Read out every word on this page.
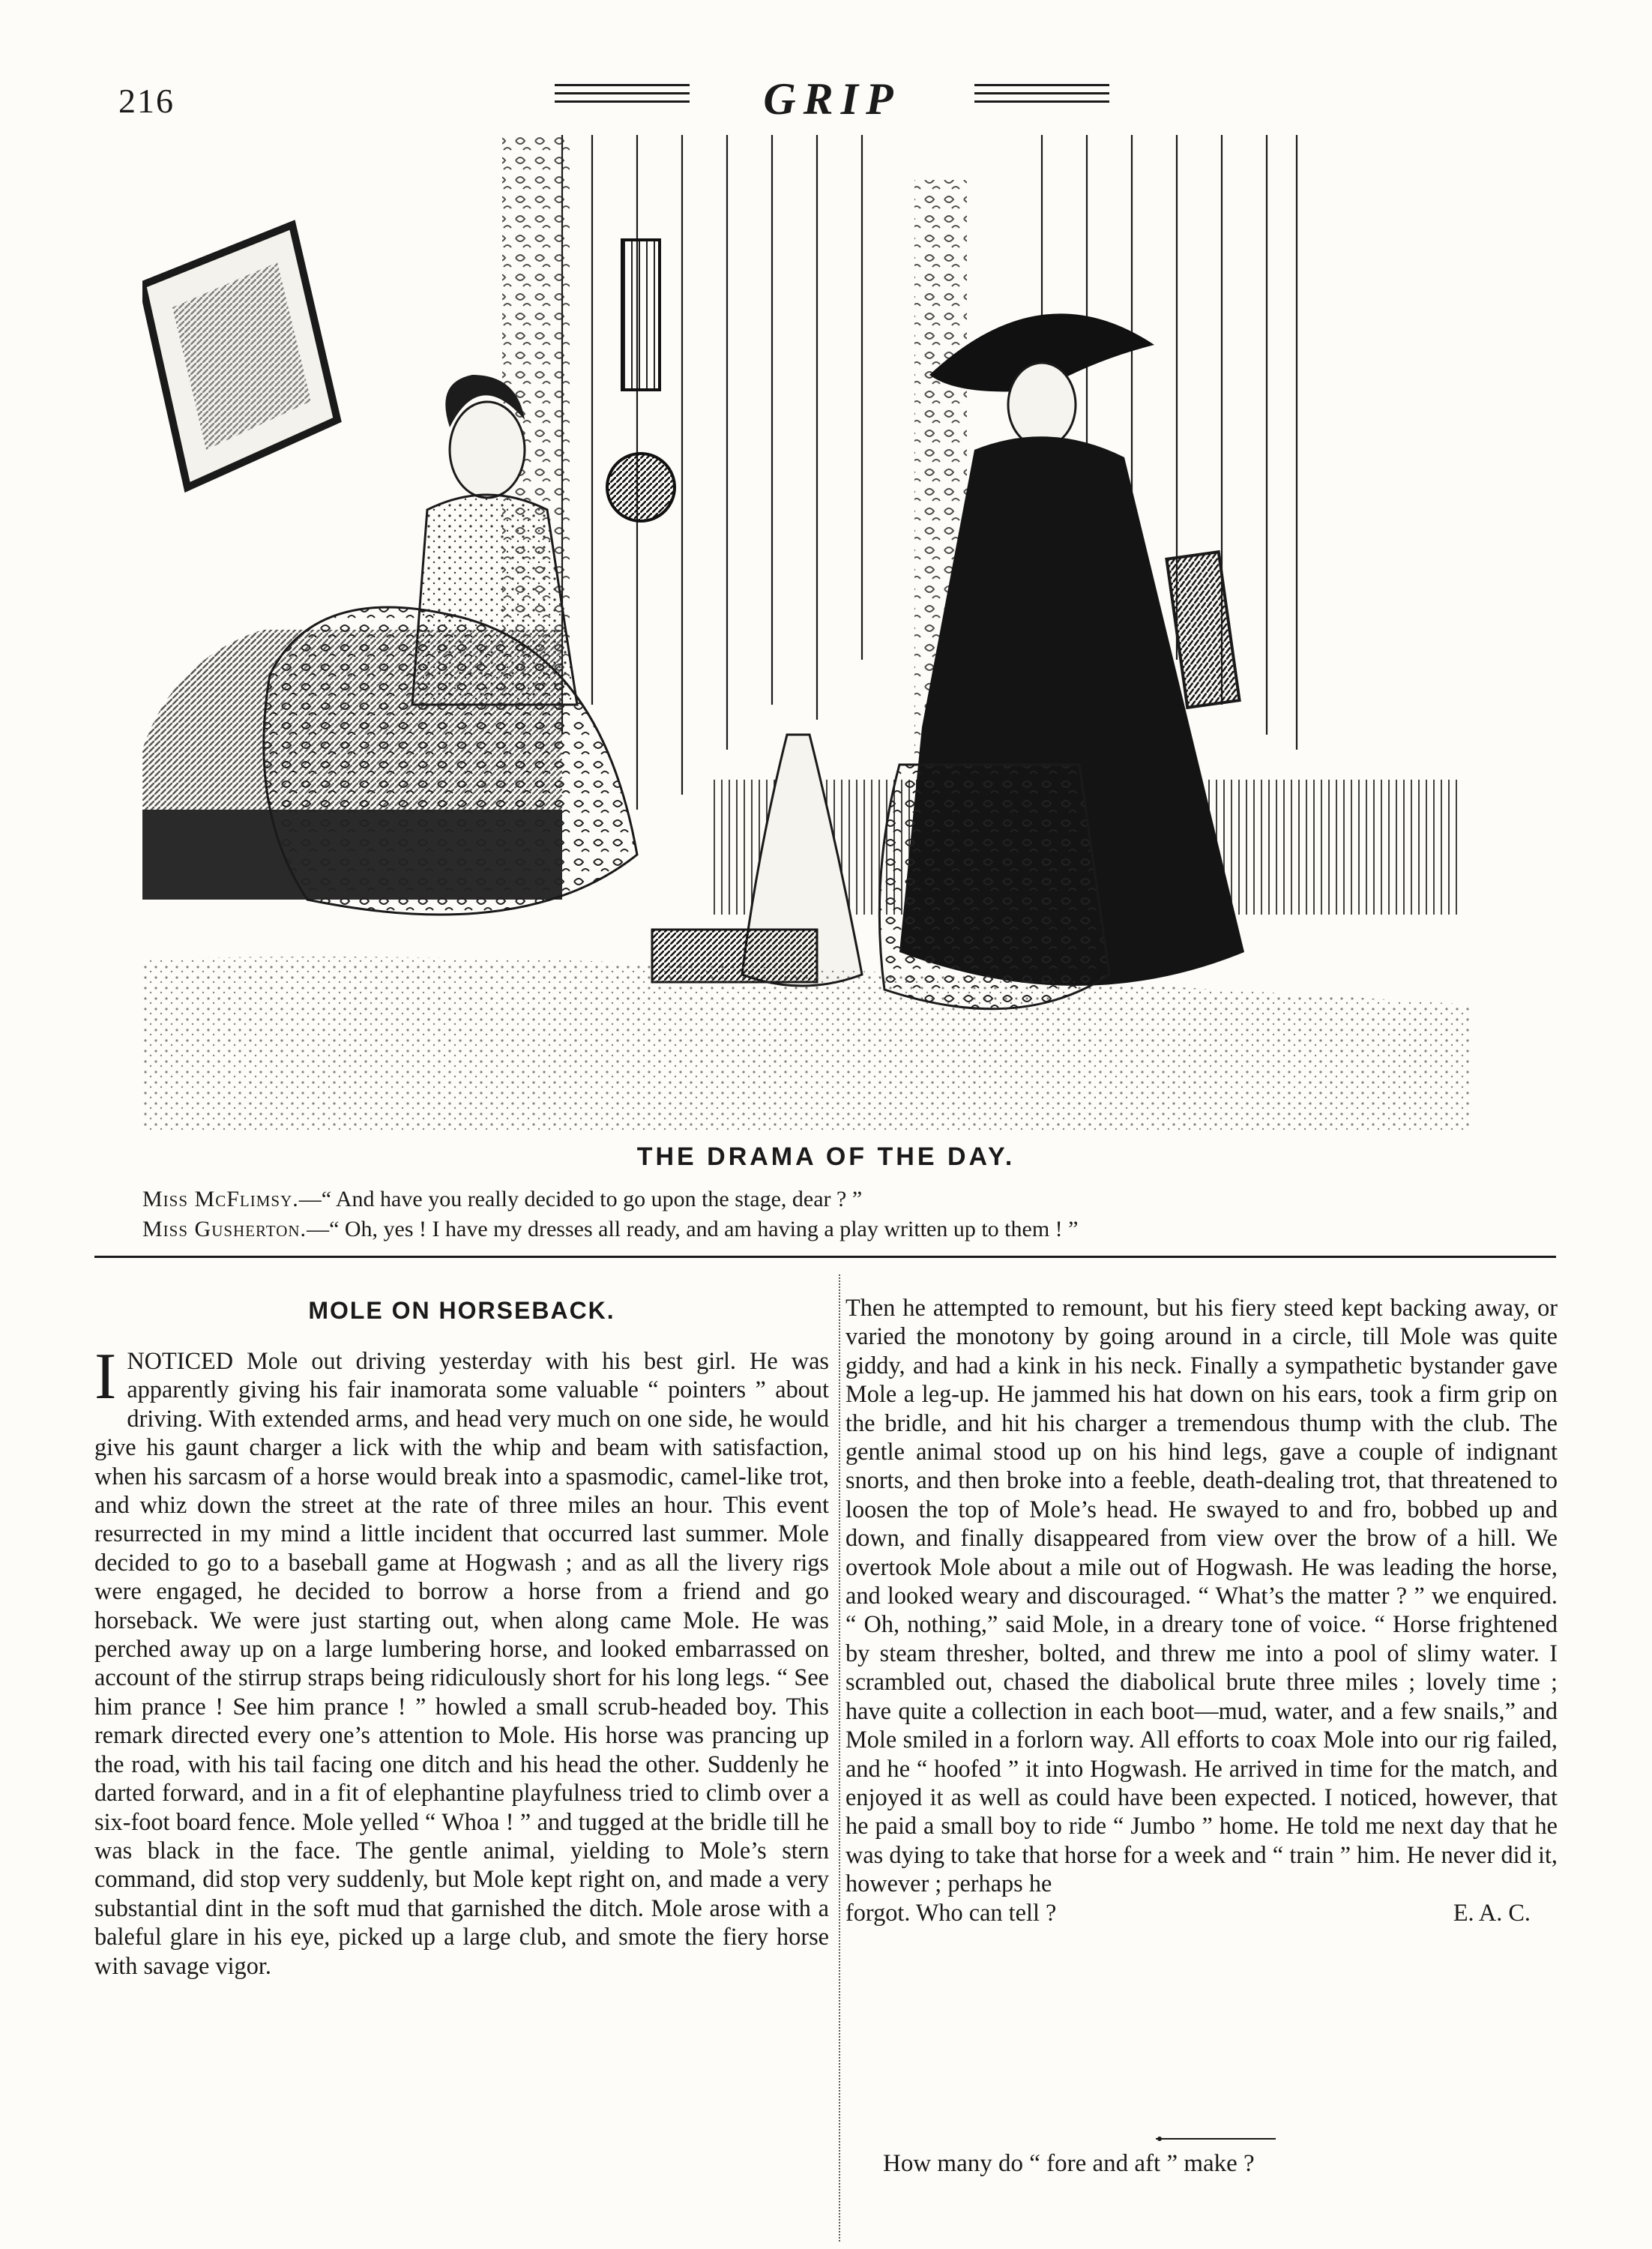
216	GRIP
THE DRAMA OF THE DAY.
Miss McFlimsy.—“ And have you really decided to go upon the stage, dear ? ”
Miss Gusherton.—“ Oh, yes ! I have my dresses all ready, and am having a play written up to them ! ”
MOLE ON HORSEBACK.

INOTICED Mole out driving yesterday with his best girl. He was apparently giving his fair inamorata some valuable “ pointers ” about driving. With extended arms, and head very much on one side, he would give his gaunt charger a lick with the whip and beam with satisfaction, when his sarcasm of a horse would break into a spasmodic, camel-like trot, and whiz down the street at the rate of three miles an hour. This event resurrected in my mind a little incident that occurred last summer. Mole decided to go to a baseball game at Hogwash ; and as all the livery rigs were engaged, he decided to borrow a horse from a friend and go horseback. We were just starting out, when along came Mole. He was perched away up on a large lumbering horse, and looked embarrassed on account of the stirrup straps being ridiculously short for his long legs. “ See him prance ! See him prance ! ” howled a small scrub-headed boy. This remark directed every one’s attention to Mole. His horse was prancing up the road, with his tail facing one ditch and his head the other. Suddenly he darted forward, and in a fit of elephantine playfulness tried to climb over a six-foot board fence. Mole yelled “ Whoa ! ” and tugged at the bridle till he was black in the face. The gentle animal, yielding to Mole’s stern command, did stop very suddenly, but Mole kept right on, and made a very substantial dint in the soft mud that garnished the ditch. Mole arose with a baleful glare in his eye, picked up a large club, and smote the fiery horse with savage vigor.

Then he attempted to remount, but his fiery steed kept backing away, or varied the monotony by going around in a circle, till Mole was quite giddy, and had a kink in his neck. Finally a sympathetic bystander gave Mole a leg-up. He jammed his hat down on his ears, took a firm grip on the bridle, and hit his charger a tremendous thump with the club. The gentle animal stood up on his hind legs, gave a couple of indignant snorts, and then broke into a feeble, death-dealing trot, that threatened to loosen the top of Mole’s head. He swayed to and fro, bobbed up and down, and finally disappeared from view over the brow of a hill. We overtook Mole about a mile out of Hogwash. He was leading the horse, and looked weary and discouraged. “ What’s the matter ? ” we enquired. “ Oh, nothing,” said Mole, in a dreary tone of voice. “ Horse frightened by steam thresher, bolted, and threw me into a pool of slimy water. I scrambled out, chased the diabolical brute three miles ; lovely time ; have quite a collection in each boot—mud, water, and a few snails,” and Mole smiled in a forlorn way. All efforts to coax Mole into our rig failed, and he “ hoofed ” it into Hogwash. He arrived in time for the match, and enjoyed it as well as could have been expected. I noticed, however, that he paid a small boy to ride “ Jumbo ” home. He told me next day that he was dying to take that horse for a week and “ train ” him. He never did it, however ; perhaps he

forgot. Who can tell ?	E. A. C.
How many do “ fore and aft ” make ?
